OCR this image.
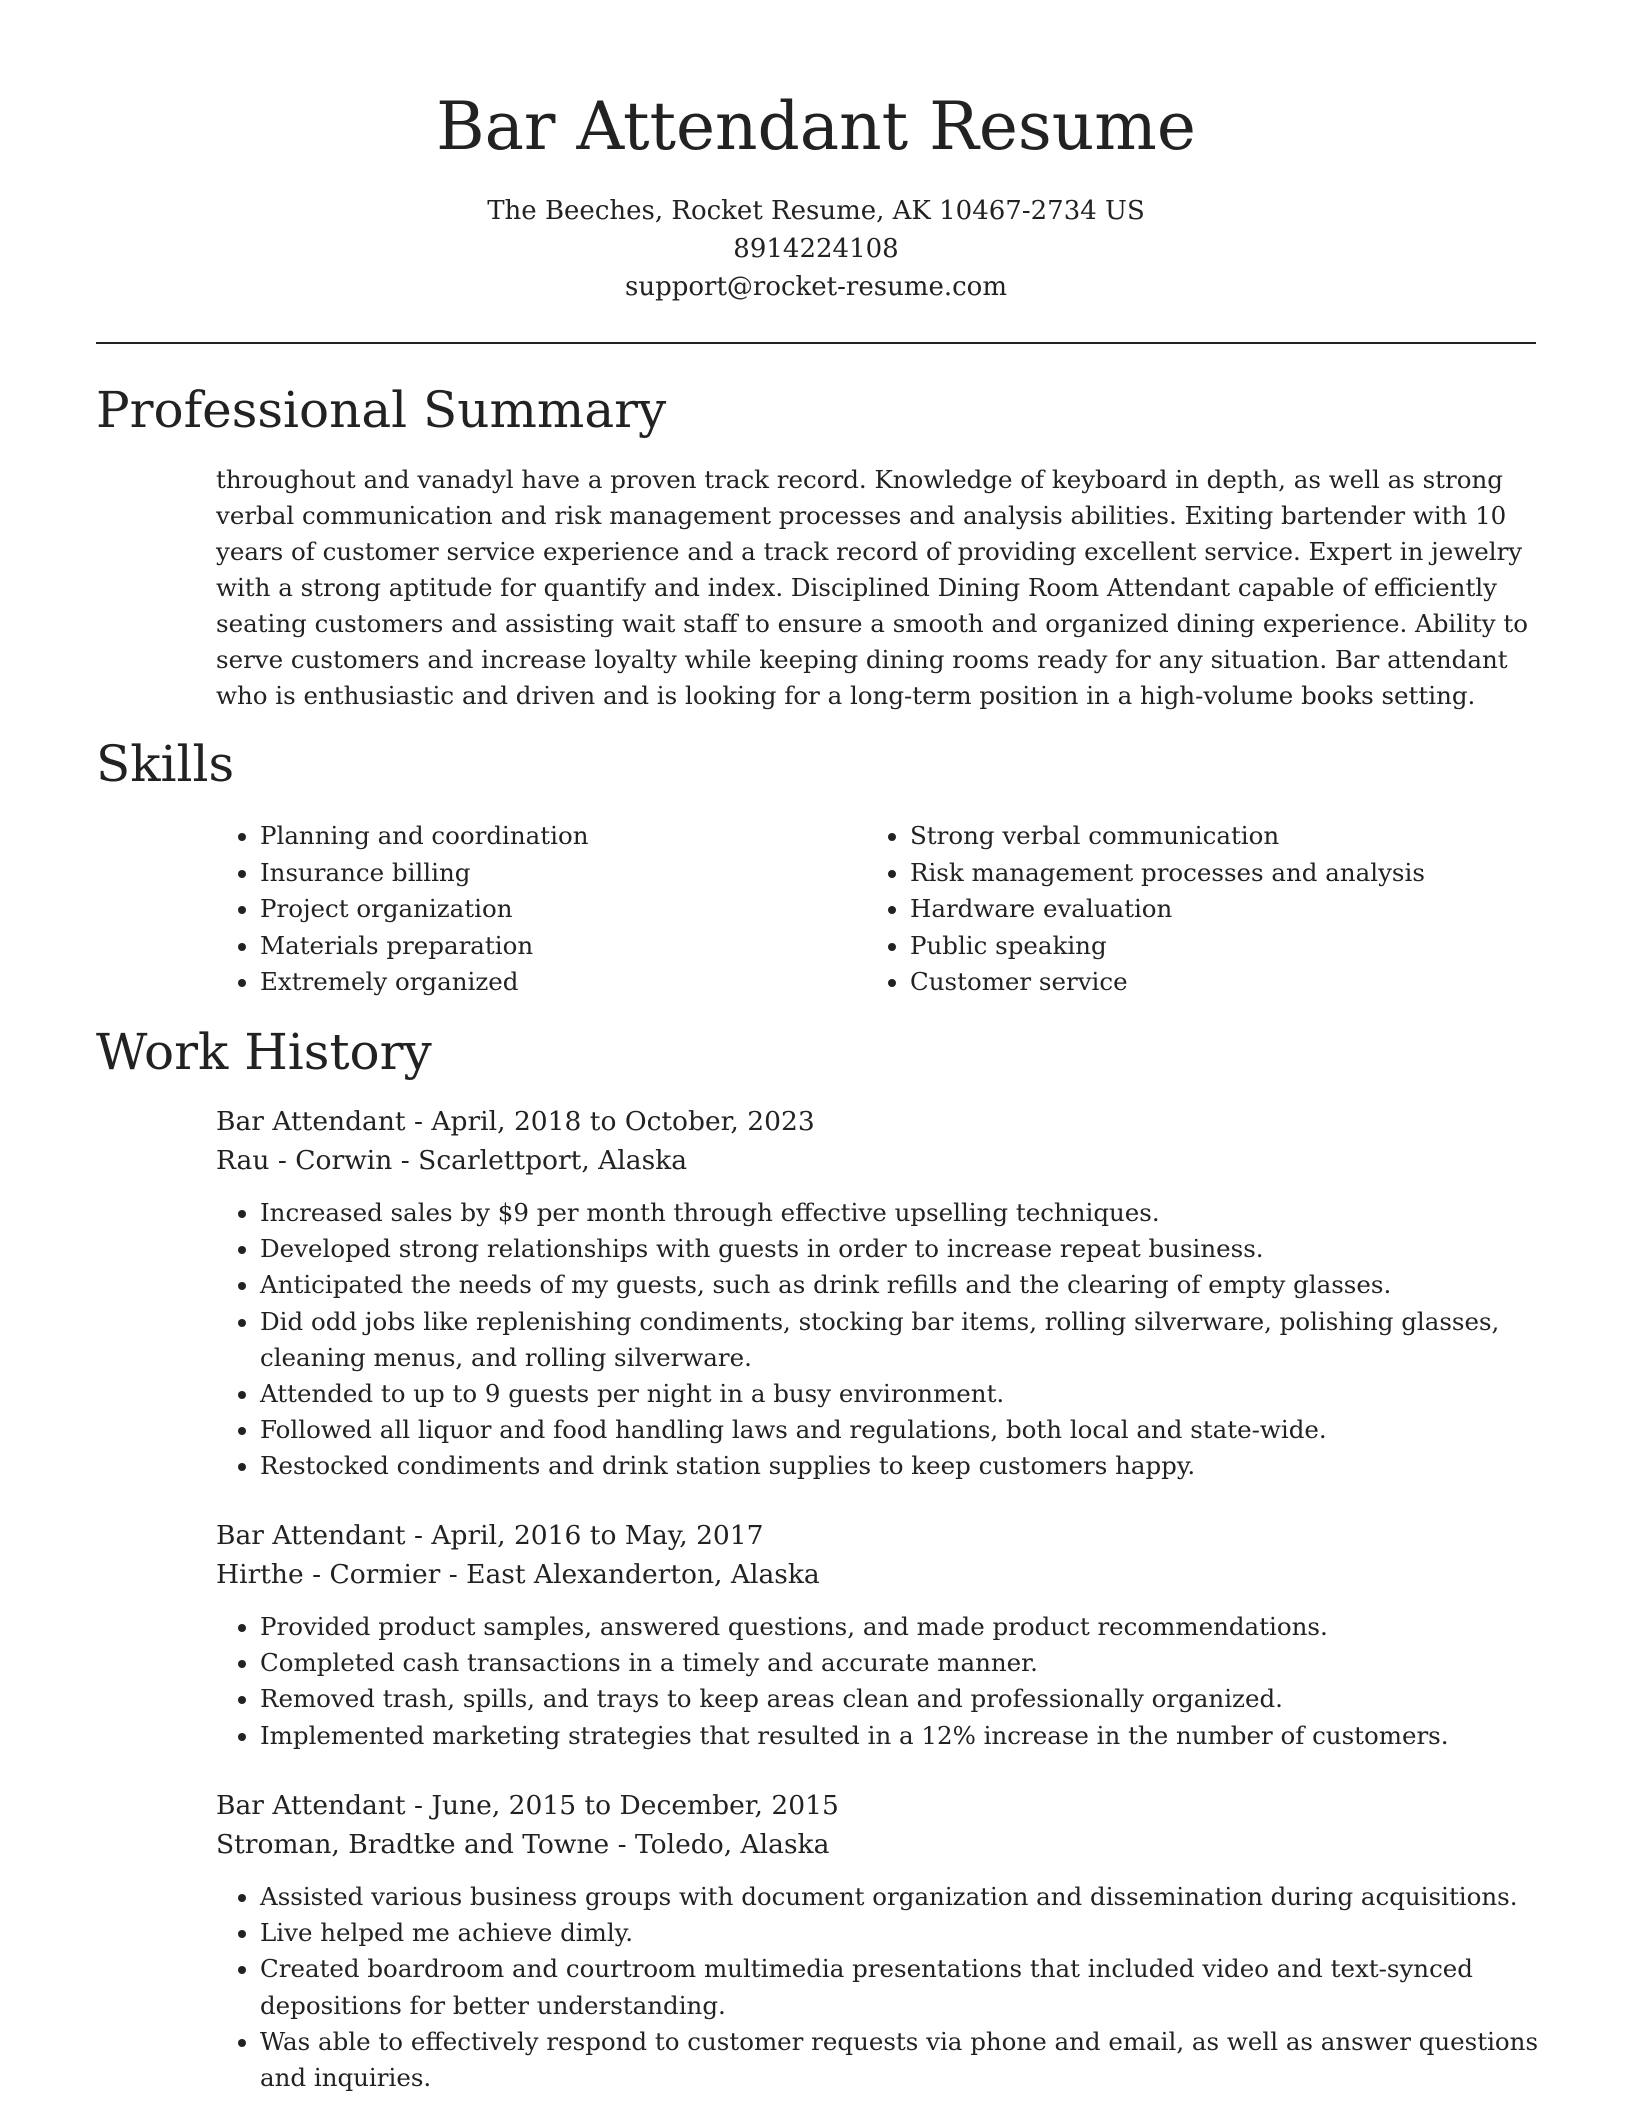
Bar Attendant Resume
The Beeches, Rocket Resume, AK 10467-2734 US
8914224108
support@rocket-resume.com
Professional Summary

throughout and vanadyl have a proven track record. Knowledge of keyboard in depth, as well as strong verbal communication and risk management processes and analysis abilities. Exiting bartender with 10 years of customer service experience and a track record of providing excellent service. Expert in jewelry with a strong aptitude for quantify and index. Disciplined Dining Room Attendant capable of efficiently seating customers and assisting wait staff to ensure a smooth and organized dining experience. Ability to serve customers and increase loyalty while keeping dining rooms ready for any situation. Bar attendant who is enthusiastic and driven and is looking for a long-term position in a high-volume books setting.

Skills
• Planning and coordination
• Insurance billing
• Project organization
• Materials preparation
• Extremely organized
• Strong verbal communication
• Risk management processes and analysis
• Hardware evaluation
• Public speaking
• Customer service
Work History
Bar Attendant - April, 2018 to October, 2023
Rau - Corwin - Scarlettport, Alaska
• Increased sales by $9 per month through effective upselling techniques.
• Developed strong relationships with guests in order to increase repeat business.
• Anticipated the needs of my guests, such as drink refills and the clearing of empty glasses.
• Did odd jobs like replenishing condiments, stocking bar items, rolling silverware, polishing glasses, cleaning menus, and rolling silverware.
• Attended to up to 9 guests per night in a busy environment.
• Followed all liquor and food handling laws and regulations, both local and state-wide.
• Restocked condiments and drink station supplies to keep customers happy.
Bar Attendant - April, 2016 to May, 2017
Hirthe - Cormier - East Alexanderton, Alaska
• Provided product samples, answered questions, and made product recommendations.
• Completed cash transactions in a timely and accurate manner.
• Removed trash, spills, and trays to keep areas clean and professionally organized.
• Implemented marketing strategies that resulted in a 12% increase in the number of customers.
Bar Attendant - June, 2015 to December, 2015
Stroman, Bradtke and Towne - Toledo, Alaska
• Assisted various business groups with document organization and dissemination during acquisitions.
• Live helped me achieve dimly.
• Created boardroom and courtroom multimedia presentations that included video and text-synced depositions for better understanding.
• Was able to effectively respond to customer requests via phone and email, as well as answer questions and inquiries.
